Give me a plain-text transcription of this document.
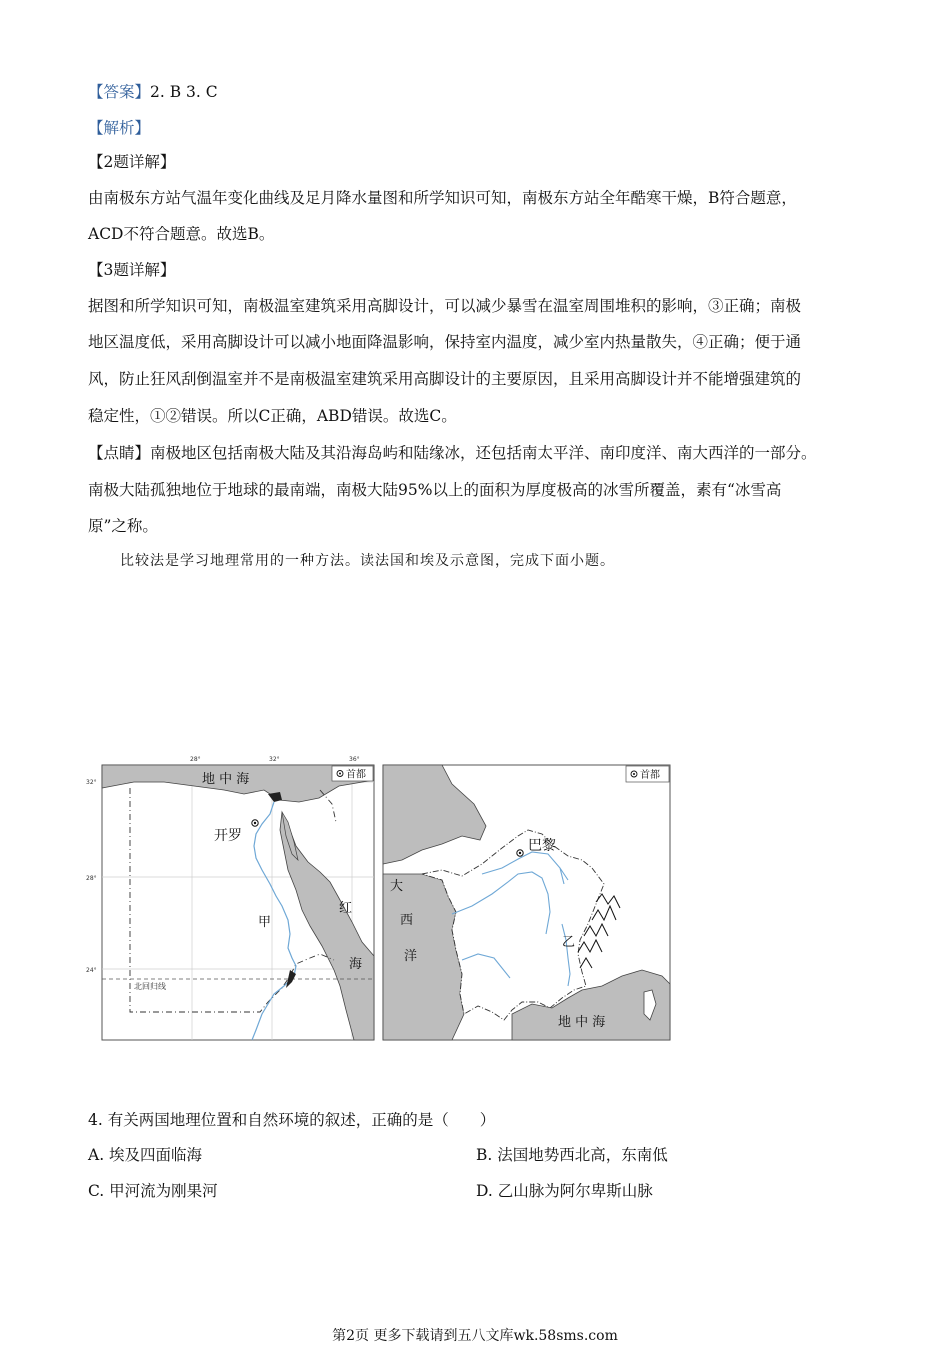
【答案】2. B 3. C
【解析】
【2题详解】
由南极东方站气温年变化曲线及足月降水量图和所学知识可知，南极东方站全年酷寒干燥，B符合题意，
ACD不符合题意。故选B。
【3题详解】
据图和所学知识可知，南极温室建筑采用高脚设计，可以减少暴雪在温室周围堆积的影响，③正确；南极
地区温度低，采用高脚设计可以减小地面降温影响，保持室内温度，减少室内热量散失，④正确；便于通
风，防止狂风刮倒温室并不是南极温室建筑采用高脚设计的主要原因，且采用高脚设计并不能增强建筑的
稳定性，①②错误。所以C正确，ABD错误。故选C。
【点睛】南极地区包括南极大陆及其沿海岛屿和陆缘冰，还包括南太平洋、南印度洋、南大西洋的一部分。
南极大陆孤独地位于地球的最南端，南极大陆95%以上的面积为厚度极高的冰雪所覆盖，素有“冰雪高
原”之称。
比较法是学习地理常用的一种方法。读法国和埃及示意图，完成下面小题。
28°	32°	36°
32°
28°
24°
北回归线
地 中 海
开罗
甲
红
海
首都
巴黎
大
西
洋
乙
地 中 海
首都
4. 有关两国地理位置和自然环境的叙述，正确的是（　　）
A. 埃及四面临海	B. 法国地势西北高，东南低
C. 甲河流为刚果河	D. 乙山脉为阿尔卑斯山脉
第2页 更多下载请到五八文库wk.58sms.com
